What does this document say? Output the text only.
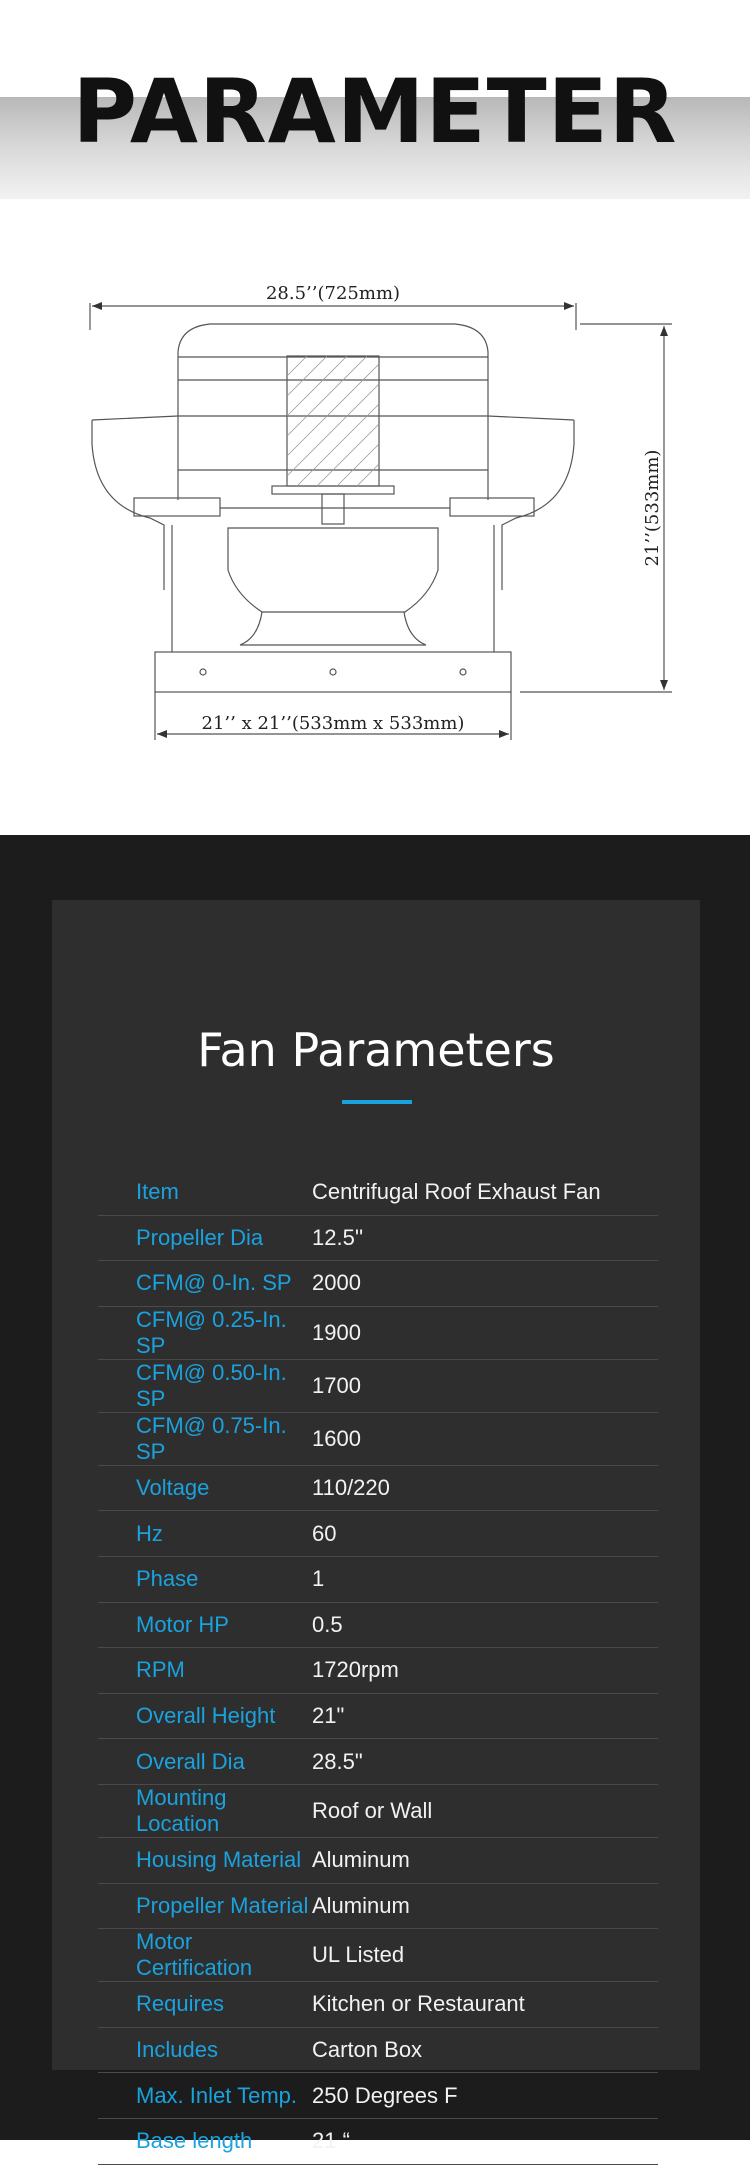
PARAMETER
28.5’’(725mm)
21’’ x 21’’(533mm x 533mm)
21’’(533mm)
Fan Parameters
Item	Centrifugal Roof Exhaust Fan
Propeller Dia	12.5''
CFM@ 0-In. SP	2000
CFM@ 0.25-In. SP	1900
CFM@ 0.50-In. SP	1700
CFM@ 0.75-In. SP	1600
Voltage	110/220
Hz	60
Phase	1
Motor HP	0.5
RPM	1720rpm
Overall Height	21"
Overall Dia	28.5"
Mounting Location	Roof or Wall
Housing Material	Aluminum
Propeller Material	Aluminum
Motor Certification	UL Listed
Requires	Kitchen or Restaurant
Includes	Carton Box
Max. Inlet Temp.	250 Degrees F
Base length	21 “
